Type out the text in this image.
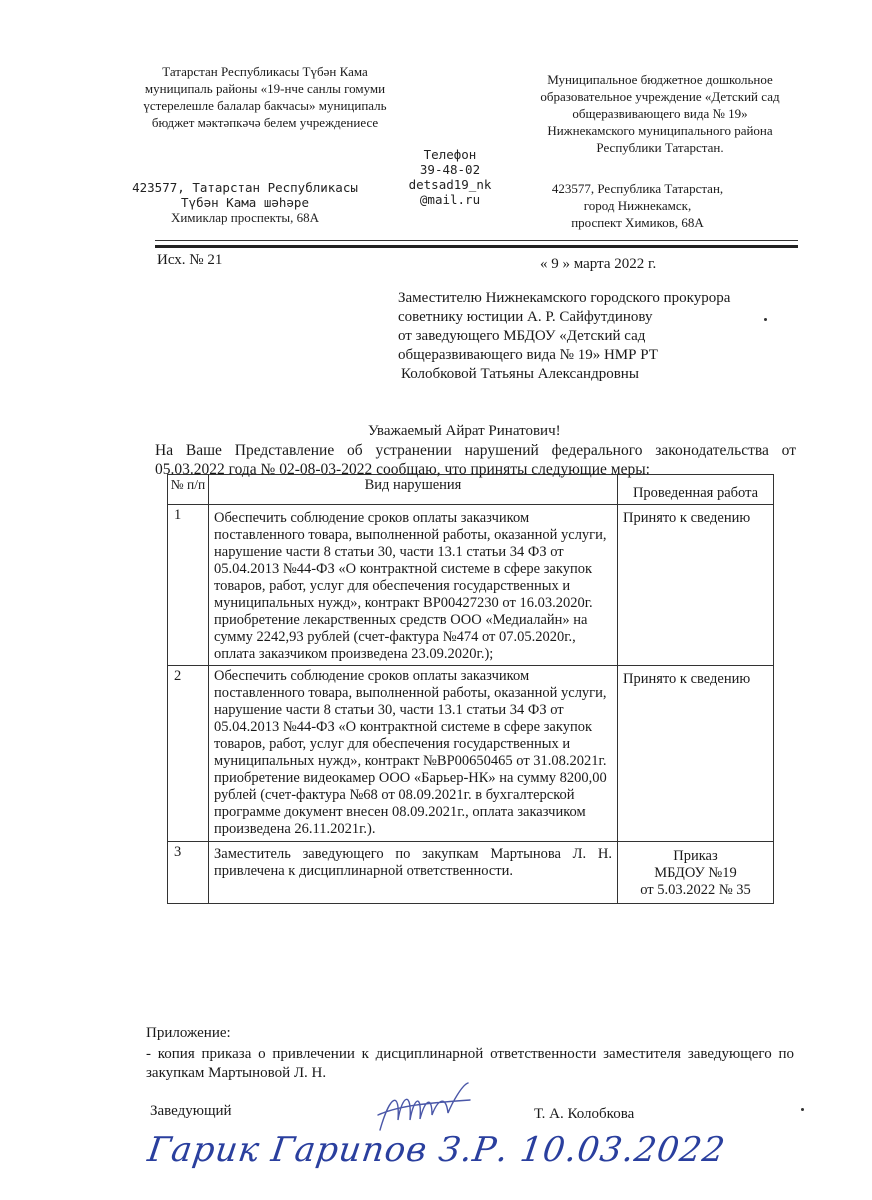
Татарстан Республикасы Түбән Кама
муниципаль районы «19-нче санлы гомуми
үстерелешле балалар бакчасы» муниципаль
бюджет мәктәпкәчә белем учреждениесе
423577, Татарстан Республикасы
Түбән Кама шәһәре
Химиклар проспекты, 68А
Телефон
39-48-02
detsad19_nk
@mail.ru
Муниципальное бюджетное дошкольное
образовательное учреждение «Детский сад
общеразвивающего вида № 19»
Нижнекамского муниципального района
Республики Татарстан.
423577, Республика Татарстан,
город Нижнекамск,
проспект Химиков, 68А
Исх. № 21	« 9 » марта 2022 г.
Заместителю Нижнекамского городского прокурора
советнику юстиции А. Р. Сайфутдинову
от заведующего МБДОУ «Детский сад
общеразвивающего вида № 19» НМР РТ
Колобковой Татьяны Александровны
Уважаемый Айрат Ринатович!
На Ваше Представление об устранении нарушений федерального законодательства от 05.03.2022 года № 02-08-03-2022 сообщаю, что приняты следующие меры:
№ п/п	Вид нарушения	Проведенная работа
1	Обеспечить соблюдение сроков оплаты заказчиком поставленного товара, выполненной работы, оказанной услуги, нарушение части 8 статьи 30, части 13.1 статьи 34 ФЗ от 05.04.2013 №44-ФЗ «О контрактной системе в сфере закупок товаров, работ, услуг для обеспечения государственных и муниципальных нужд», контракт ВР00427230 от 16.03.2020г. приобретение лекарственных средств ООО «Медиалайн» на сумму 2242,93 рублей (счет-фактура №474 от 07.05.2020г., оплата заказчиком произведена 23.09.2020г.);	Принято к сведению
2	Обеспечить соблюдение сроков оплаты заказчиком поставленного товара, выполненной работы, оказанной услуги, нарушение части 8 статьи 30, части 13.1 статьи 34 ФЗ от 05.04.2013 №44-ФЗ «О контрактной системе в сфере закупок товаров, работ, услуг для обеспечения государственных и муниципальных нужд», контракт №ВР00650465 от 31.08.2021г. приобретение видеокамер ООО «Барьер-НК» на сумму 8200,00 рублей (счет-фактура №68 от 08.09.2021г. в бухгалтерской программе документ внесен 08.09.2021г., оплата заказчиком произведена 26.11.2021г.).	Принято к сведению
3	Заместитель заведующего по закупкам Мартынова Л. Н. привлечена к дисциплинарной ответственности.	Приказ
МБДОУ №19
от 5.03.2022 № 35
Приложение:
- копия приказа о привлечении к дисциплинарной ответственности заместителя заведующего по закупкам Мартыновой Л. Н.
Заведующий	Т. А. Колобкова
Гарик Гарипов З.Р. 10.03.2022
